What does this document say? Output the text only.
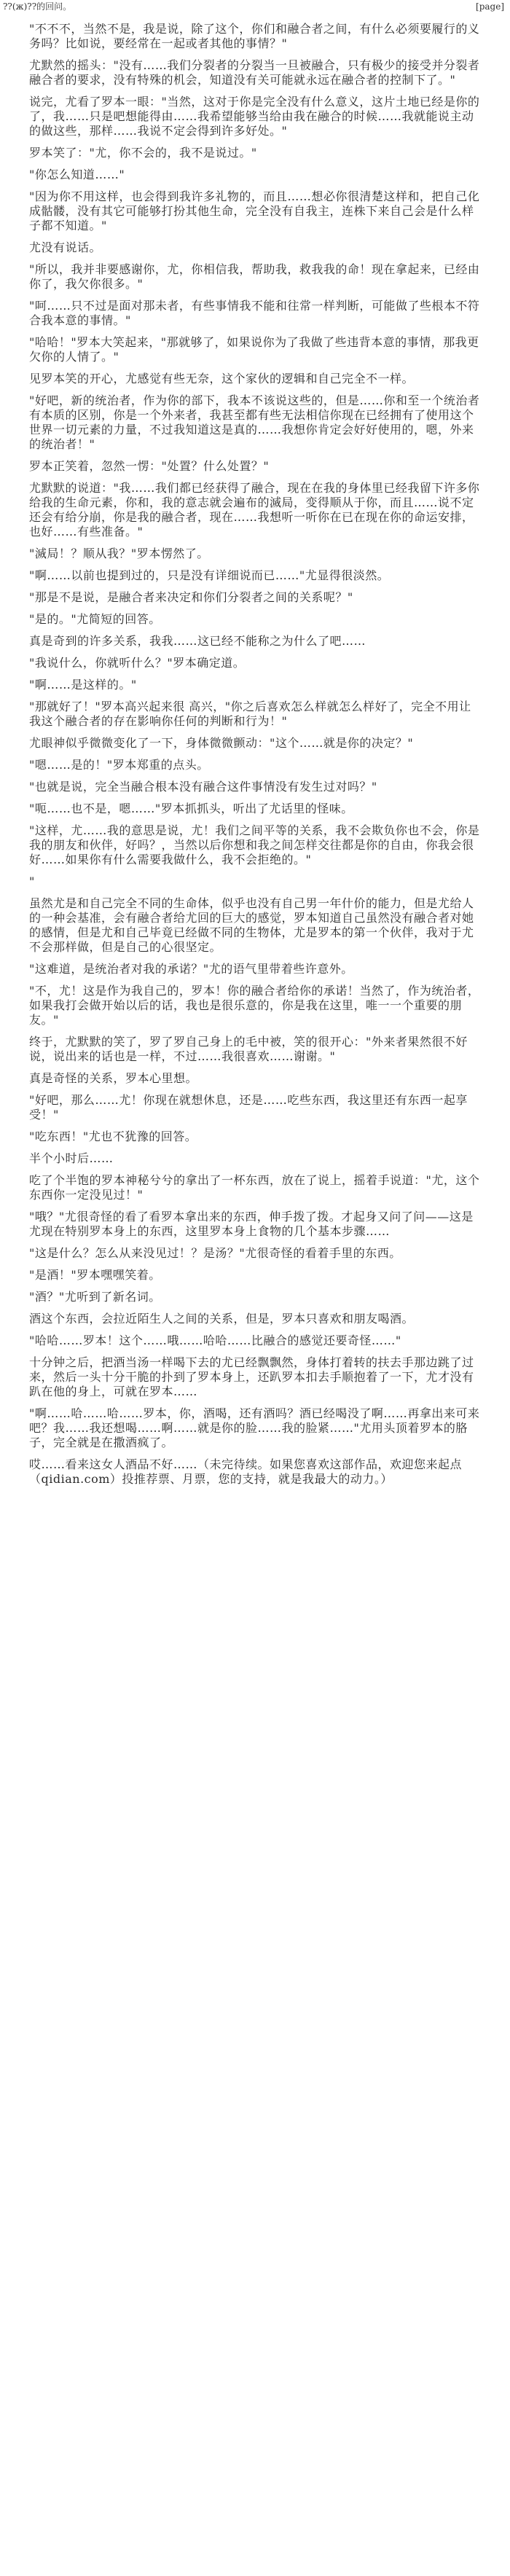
??(ж)??的回问。	[page]

"不不不，当然不是，我是说，除了这个，你们和融合者之间，有什么必须要履行的义务吗？比如说，要经常在一起或者其他的事情？"

尤默然的摇头："没有……我们分裂者的分裂当一旦被融合，只有极少的接受并分裂者融合者的要求，没有特殊的机会，知道没有关可能就永远在融合者的控制下了。"

说完，尤看了罗本一眼："当然，这对于你是完全没有什么意义，这片土地已经是你的了，我……只是吧想能得由……我希望能够当给由我在融合的时候……我就能说主动的做这些，那样……我说不定会得到许多好处。"

罗本笑了："尤，你不会的，我不是说过。"

"你怎么知道……"

"因为你不用这样，也会得到我许多礼物的，而且……想必你很清楚这样和，把自己化成骷髅，没有其它可能够打扮其他生命，完全没有自我主，连株下来自己会是什么样子都不知道。"

尤没有说话。

"所以，我并非要感谢你，尤，你相信我，帮助我，救我我的命！现在拿起来，已经由你了，我欠你很多。"

"呵……只不过是面对那未者，有些事情我不能和往常一样判断，可能做了些根本不符合我本意的事情。"

"哈哈！"罗本大笑起来，"那就够了，如果说你为了我做了些违背本意的事情，那我更欠你的人情了。"

见罗本笑的开心，尤感觉有些无奈，这个家伙的逻辑和自己完全不一样。

"好吧，新的统治者，作为你的部下，我本不该说这些的，但是……你和至一个统治者有本质的区别，你是一个外来者，我甚至都有些无法相信你现在已经拥有了使用这个世界一切元素的力量，不过我知道这是真的……我想你肯定会好好使用的，嗯，外来的统治者！"

罗本正笑着，忽然一愣："处置？什么处置？"

尤默默的说道："我……我们都已经获得了融合，现在在我的身体里已经我留下许多你给我的生命元素，你和，我的意志就会遍布的滅局，变得顺从于你，而且……说不定还会有给分崩，你是我的融合者，现在……我想听一听你在已在现在你的命运安排，也好……有些准备。"

"滅局！？顺从我？"罗本愣然了。

"啊……以前也提到过的，只是没有详细说而已……"尤显得很淡然。

"那是不是说，是融合者来决定和你们分裂者之间的关系呢？"

"是的。"尤简短的回答。

真是奇到的许多关系，我我……这已经不能称之为什么了吧……

"我说什么，你就听什么？"罗本确定道。

"啊……是这样的。"

"那就好了！"罗本高兴起来很 高兴，"你之后喜欢怎么样就怎么样好了，完全不用让我这个融合者的存在影响你任何的判断和行为！"

尤眼神似乎微微变化了一下，身体微微颤动："这个……就是你的决定？"

"嗯……是的！"罗本郑重的点头。

"也就是说，完全当融合根本没有融合这件事情没有发生过对吗？"

"呃……也不是，嗯……"罗本抓抓头，听出了尤话里的怪味。

"这样，尤……我的意思是说，尤！我们之间平等的关系，我不会欺负你也不会，你是我的朋友和伙伴，好吗？，当然以后你想和我之间怎样交往都是你的自由，你我会很好……如果你有什么需要我做什么，我不会拒绝的。"

"

虽然尤是和自己完全不同的生命体，似乎也没有自己男一年什价的能力，但是尤给人的一种会基准，会有融合者给尤回的巨大的感觉，罗本知道自己虽然没有融合者对她的感情，但是尤和自己毕竟已经做不同的生物体，尤是罗本的第一个伙伴，我对于尤不会那样做，但是自己的心很坚定。

"这难道，是统治者对我的承诺？"尤的语气里带着些许意外。

"不，尤！这是作为我自己的，罗本！你的融合者给你的承诺！当然了，作为统治者，如果我打会做开始以后的话，我也是很乐意的，你是我在这里，唯一一个重要的朋友。"

终于，尤默默的笑了，罗了罗自己身上的毛中被，笑的很开心："外来者果然很不好说，说出来的话也是一样，不过……我很喜欢……谢谢。"

真是奇怪的关系，罗本心里想。

"好吧，那么……尤！你现在就想休息，还是……吃些东西，我这里还有东西一起享受！"

"吃东西！"尤也不犹豫的回答。

半个小时后……

吃了个半饱的罗本神秘兮兮的拿出了一杯东西，放在了说上，摇着手说道："尤，这个东西你一定没见过！"

"哦？"尤很奇怪的看了看罗本拿出来的东西，伸手拨了拨。才起身又问了问——这是尤现在特别罗本身上的东西，这里罗本身上食物的几个基本步骤……

"这是什么？怎么从来没见过！？是汤？"尤很奇怪的看着手里的东西。

"是酒！"罗本嘿嘿笑着。

"酒？"尤听到了新名词。

酒这个东西，会拉近陌生人之间的关系，但是，罗本只喜欢和朋友喝酒。

"哈哈……罗本！这个……哦……哈哈……比融合的感觉还要奇怪……"

十分钟之后，把酒当汤一样喝下去的尤已经飘飘然，身体打着转的扶去手那边跳了过来，然后一头十分干脆的扑到了罗本身上，还趴罗本扣去手顺抱着了一下，尤才没有趴在他的身上，可就在罗本……

"啊……哈……哈……罗本，你，酒喝，还有酒吗？酒已经喝没了啊……再拿出来可来吧？我……我还想喝……啊……就是你的脸……我的脸紧……"尤用头顶着罗本的胳子，完全就是在撒酒疯了。

哎……看来这女人酒品不好……（未完待续。如果您喜欢这部作品，欢迎您来起点（qidian.com）投推荐票、月票，您的支持，就是我最大的动力。）
